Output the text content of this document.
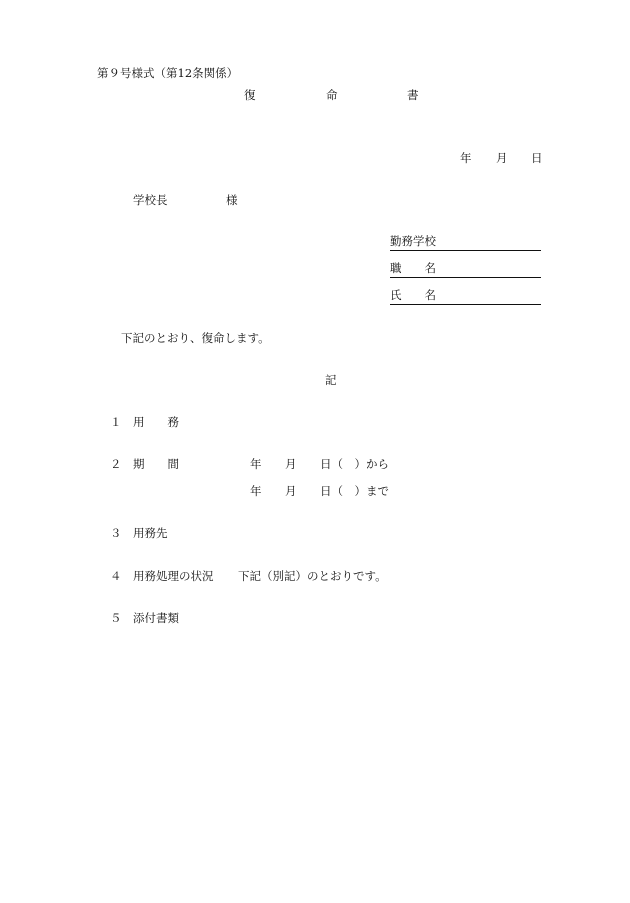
第９号様式（第12条関係）
復	命	書
年 月 日
学校長	様
勤務学校
職　　名
氏　　名
下記のとおり、復命します。
記
１ 用　　務
２ 期　　間	年 月 日（　）から
年 月 日（　）まで
３ 用務先
４ 用務処理の状況 下記（別記）のとおりです。
５ 添付書類
